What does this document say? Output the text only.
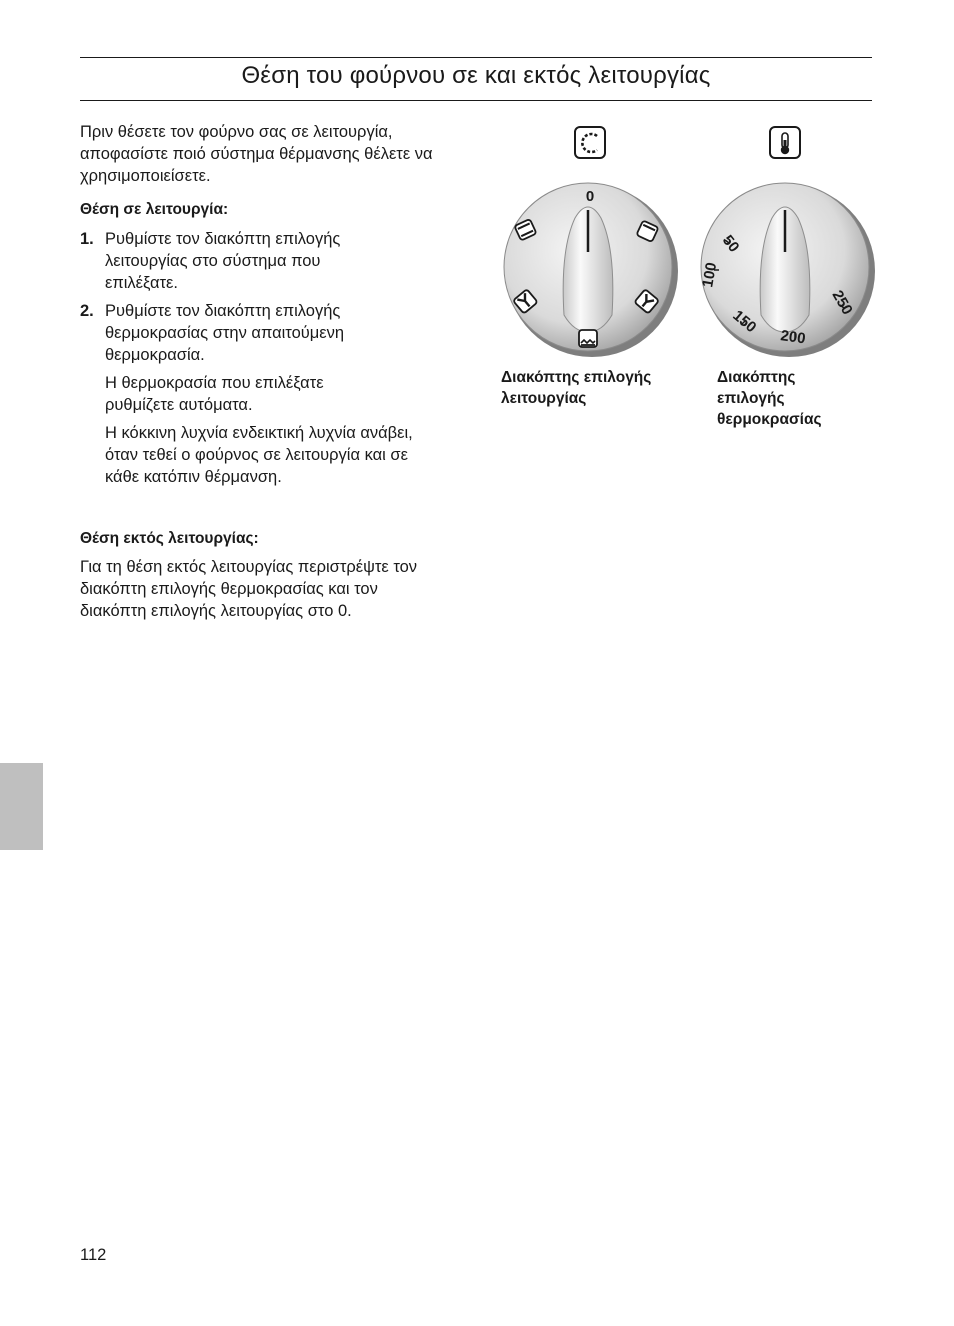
Θέση του φούρνου σε και εκτός λειτουργίας

Πριν θέσετε τον φούρνο σας σε λειτουργία, αποφασίστε ποιό σύστημα θέρμανσης θέλετε να χρησιμοποιείσετε.

Θέση σε λειτουργία:

1. Ρυθμίστε τον διακόπτη επιλογής λειτουργίας στο σύστημα που επιλέξατε.
2. Ρυθμίστε τον διακόπτη επιλογής θερμοκρασίας στην απαιτούμενη θερμοκρασία.

Η θερμοκρασία που επιλέξατε ρυθμίζετε αυτόματα.

Η κόκκινη λυχνία ενδεικτική λυχνία ανάβει, όταν τεθεί ο φούρνος σε λειτουργία και σε κάθε κατόπιν θέρμανση.

Θέση εκτός λειτουργίας:

Για τη θέση εκτός λειτουργίας περιστρέψτε τον διακόπτη επιλογής θερμοκρασίας και τον διακόπτη επιλογής λειτουργίας στο 0.

0
50
100
150
200
250
Διακόπτης επιλογής λειτουργίας
Διακόπτης επιλογής θερμοκρασίας
112
